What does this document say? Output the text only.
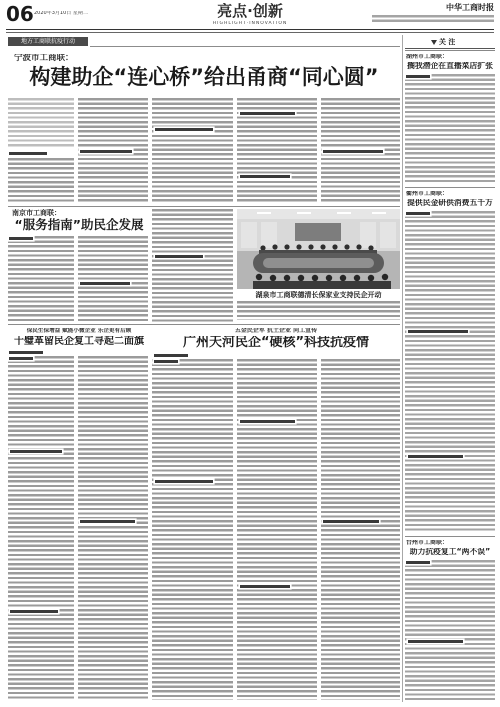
06 2020年3月10日 星期二	亮点·创新
HIGHLIGHT·INNOVATION
中华工商时报
地方工商联抗疫行动	关 注
宁波市工商联：
构建助企“连心桥”给出甬商“同心圆”
南京市工商联：
“服务指南”助民企发展
湖泉市工商联德清长保家业支持民企开动
保民生保增益 赋能小微企业 乐企更有后顾
十璧革留民企复工寻起二面旗
五金民企军 抗土企业 同工宣传
广州天河民企“硬核”科技抗疫情
湖州市工商联：
搁我潜企在直播菜店扩张
衢州市工商联：
提供民金研供消费五千万
台州市工商联：
助力抗疫复工“两不误”
